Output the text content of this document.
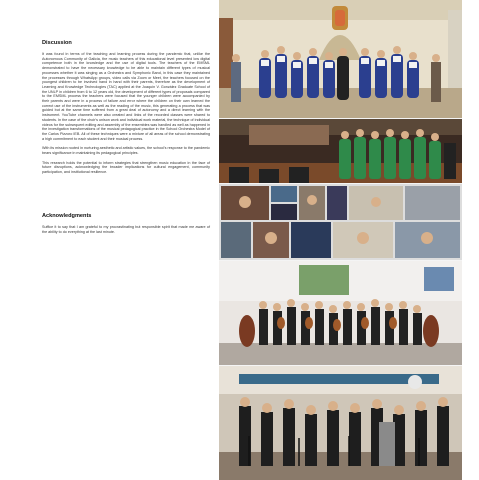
Discussion

It was found in terms of the teaching and learning process during the pandemic that, unlike the Autonomous Community of Galicia, the music teachers of this educational level presented low digital competence both in the knowledge and the use of digital tools. The teachers of the EMSML demonstrated to have the necessary knowledge to be able to maintain different types of musical processes whether it was singing as a Orchestra and Symphonic Band, in this case they maintained the processes through WhatsApp groups, video calls via Zoom or Meet, the teachers focused on the youngest children to be involved hand in hand with their parents, therefore as the development of Learning and Knowledge Technologies (TAC) applied at the Joaquín V. González Graduate School of the UNLP in children from 6 to 12 years old, the development of different types of proposals compared to the EMSML process the teachers were focused that the younger children were accompanied by their parents and were in a process of failure and error where the children on their own learned the correct use of the instruments as well as the reading of the music, this generating a process that was guided but at the same time suffered from a great deal of autonomy and a direct learning with the instrument. YouTube channels were also created and links of the recorded classes were shared to students. In the case of the choir's unison work and individual work material, the technique of individual videos for the subsequent editing and assembly of the ensembles was handled as well as happened in the investigation transformations of the musical pedagogical practice in the School Orchestra Model of the Carlos Pizzoro IEB. All of these techniques were a mixture of all areas of the school demonstrating a high commitment to each student and their musical process.

With its mission rooted in nurturing aesthetic and artistic values, the school's response to the pandemic bears significance in maintaining its pedagogical principles.

This research holds the potential to inform strategies that strengthen music education in the face of future disruptions, acknowledging the broader implications for cultural engagement, community participation, and institutional resilience.

Acknowledgments

Suffice it to say that I am grateful to my procrastinating but responsible spirit that made me aware of the ability to do everything at the last minute.
